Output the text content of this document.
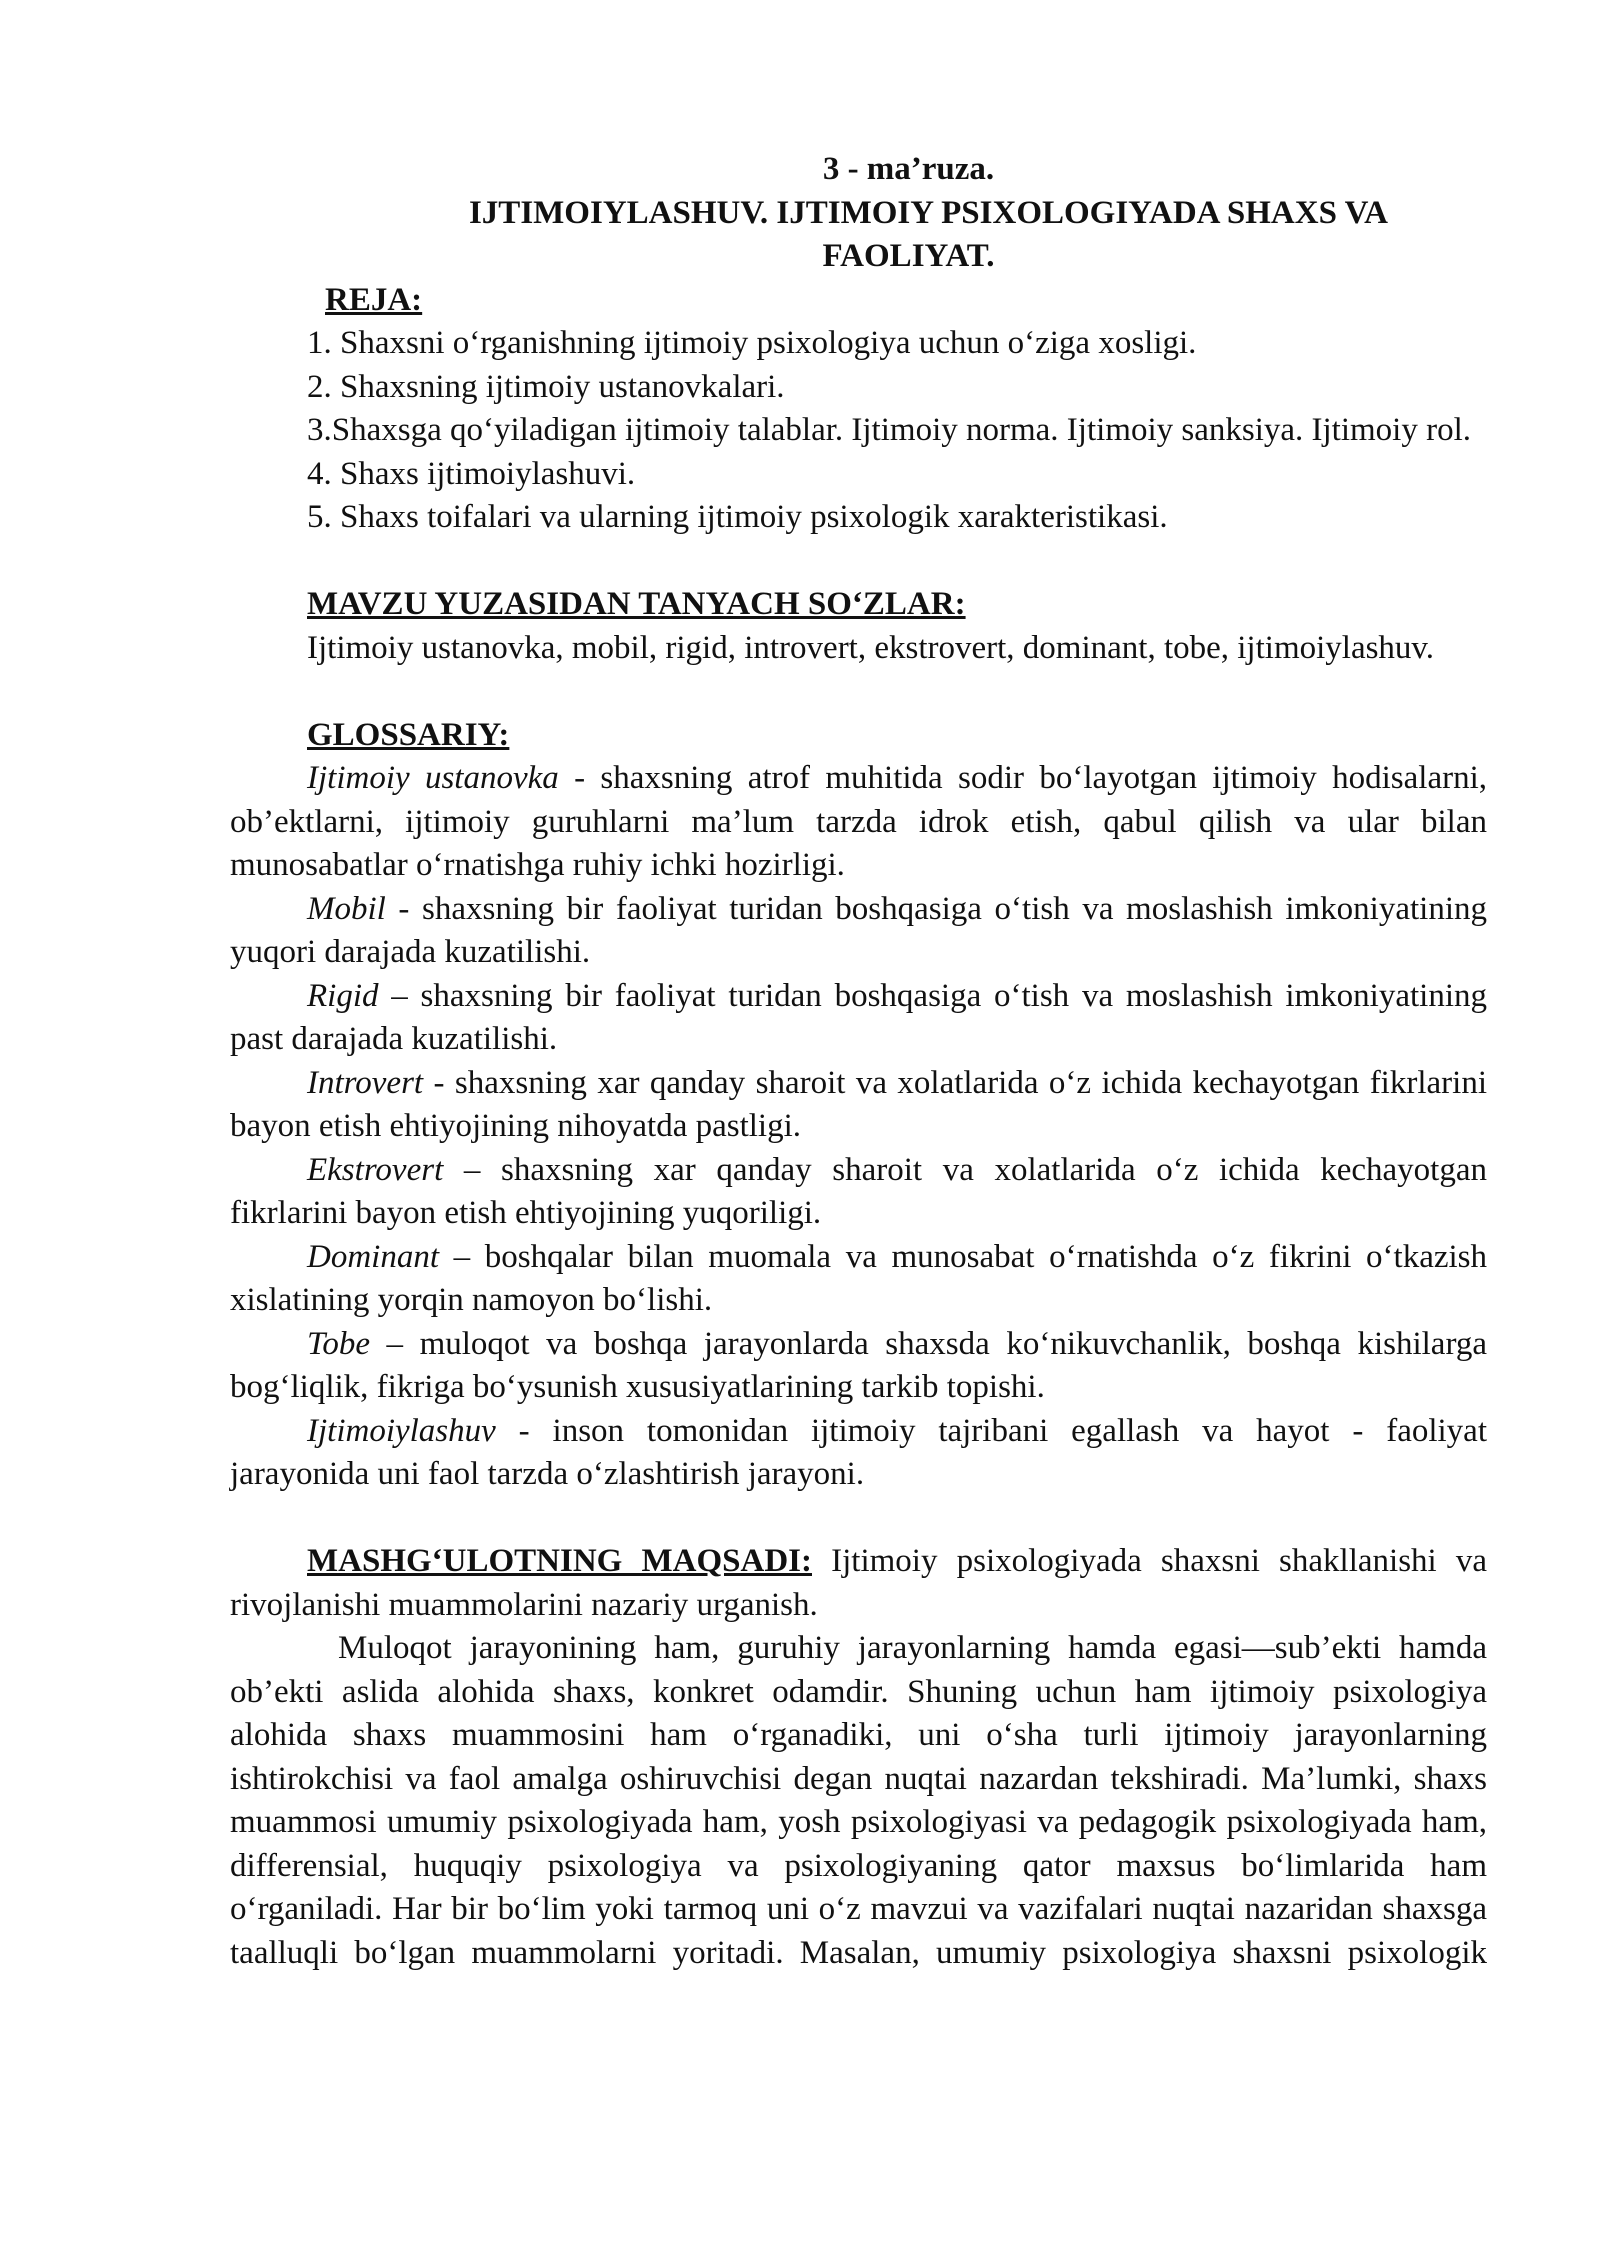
3 - ma’ruza.

IJTIMOIYLASHUV. IJTIMOIY PSIXOLOGIYADA SHAXS VA

FAOLIYAT.

REJA:

1. Shaxsni o‘rganishning ijtimoiy psixologiya uchun o‘ziga xosligi.

2. Shaxsning ijtimoiy ustanovkalari.

3.Shaxsga qo‘yiladigan ijtimoiy talablar. Ijtimoiy norma. Ijtimoiy sanksiya. Ijtimoiy rol.

4. Shaxs ijtimoiylashuvi.

5. Shaxs toifalari va ularning ijtimoiy psixologik xarakteristikasi.

MAVZU YUZASIDAN TANYACH SO‘ZLAR:

Ijtimoiy ustanovka, mobil, rigid, introvert, ekstrovert, dominant, tobe, ijtimoiylashuv.

GLOSSARIY:

Ijtimoiy ustanovka - shaxsning atrof muhitida sodir bo‘layotgan ijtimoiy hodisalarni, ob’ektlarni, ijtimoiy guruhlarni ma’lum tarzda idrok etish, qabul qilish va ular bilan munosabatlar o‘rnatishga ruhiy ichki hozirligi.

Mobil - shaxsning bir faoliyat turidan boshqasiga o‘tish va moslashish imkoniyatining yuqori darajada kuzatilishi.

Rigid – shaxsning bir faoliyat turidan boshqasiga o‘tish va moslashish imkoniyatining past darajada kuzatilishi.

Introvert - shaxsning xar qanday sharoit va xolatlarida o‘z ichida kechayotgan fikrlarini bayon etish ehtiyojining nihoyatda pastligi.

Ekstrovert – shaxsning xar qanday sharoit va xolatlarida o‘z ichida kechayotgan fikrlarini bayon etish ehtiyojining yuqoriligi.

Dominant – boshqalar bilan muomala va munosabat o‘rnatishda o‘z fikrini o‘tkazish xislatining yorqin namoyon bo‘lishi.

Tobe – muloqot va boshqa jarayonlarda shaxsda ko‘nikuvchanlik, boshqa kishilarga bog‘liqlik, fikriga bo‘ysunish xususiyatlarining tarkib topishi.

Ijtimoiylashuv - inson tomonidan ijtimoiy tajribani egallash va hayot - faoliyat jarayonida uni faol tarzda o‘zlashtirish jarayoni.

MASHG‘ULOTNING MAQSADI: Ijtimoiy psixologiyada shaxsni shakllanishi va rivojlanishi muammolarini nazariy urganish.

Muloqot jarayonining ham, guruhiy jarayonlarning hamda egasi—sub’ekti hamda ob’ekti aslida alohida shaxs, konkret odamdir. Shuning uchun ham ijtimoiy psixologiya alohida shaxs muammosini ham o‘rganadiki, uni o‘sha turli ijtimoiy jarayonlarning ishtirokchisi va faol amalga oshiruvchisi degan nuqtai nazardan tekshiradi. Ma’lumki, shaxs muammosi umumiy psixologiyada ham, yosh psixologiyasi va pedagogik psixologiyada ham, differensial, huquqiy psixologiya va psixologiyaning qator maxsus bo‘limlarida ham o‘rganiladi. Har bir bo‘lim yoki tarmoq uni o‘z mavzui va vazifalari nuqtai nazaridan shaxsga taalluqli bo‘lgan muammolarni yoritadi. Masalan, umumiy psixologiya shaxsni psixologik
